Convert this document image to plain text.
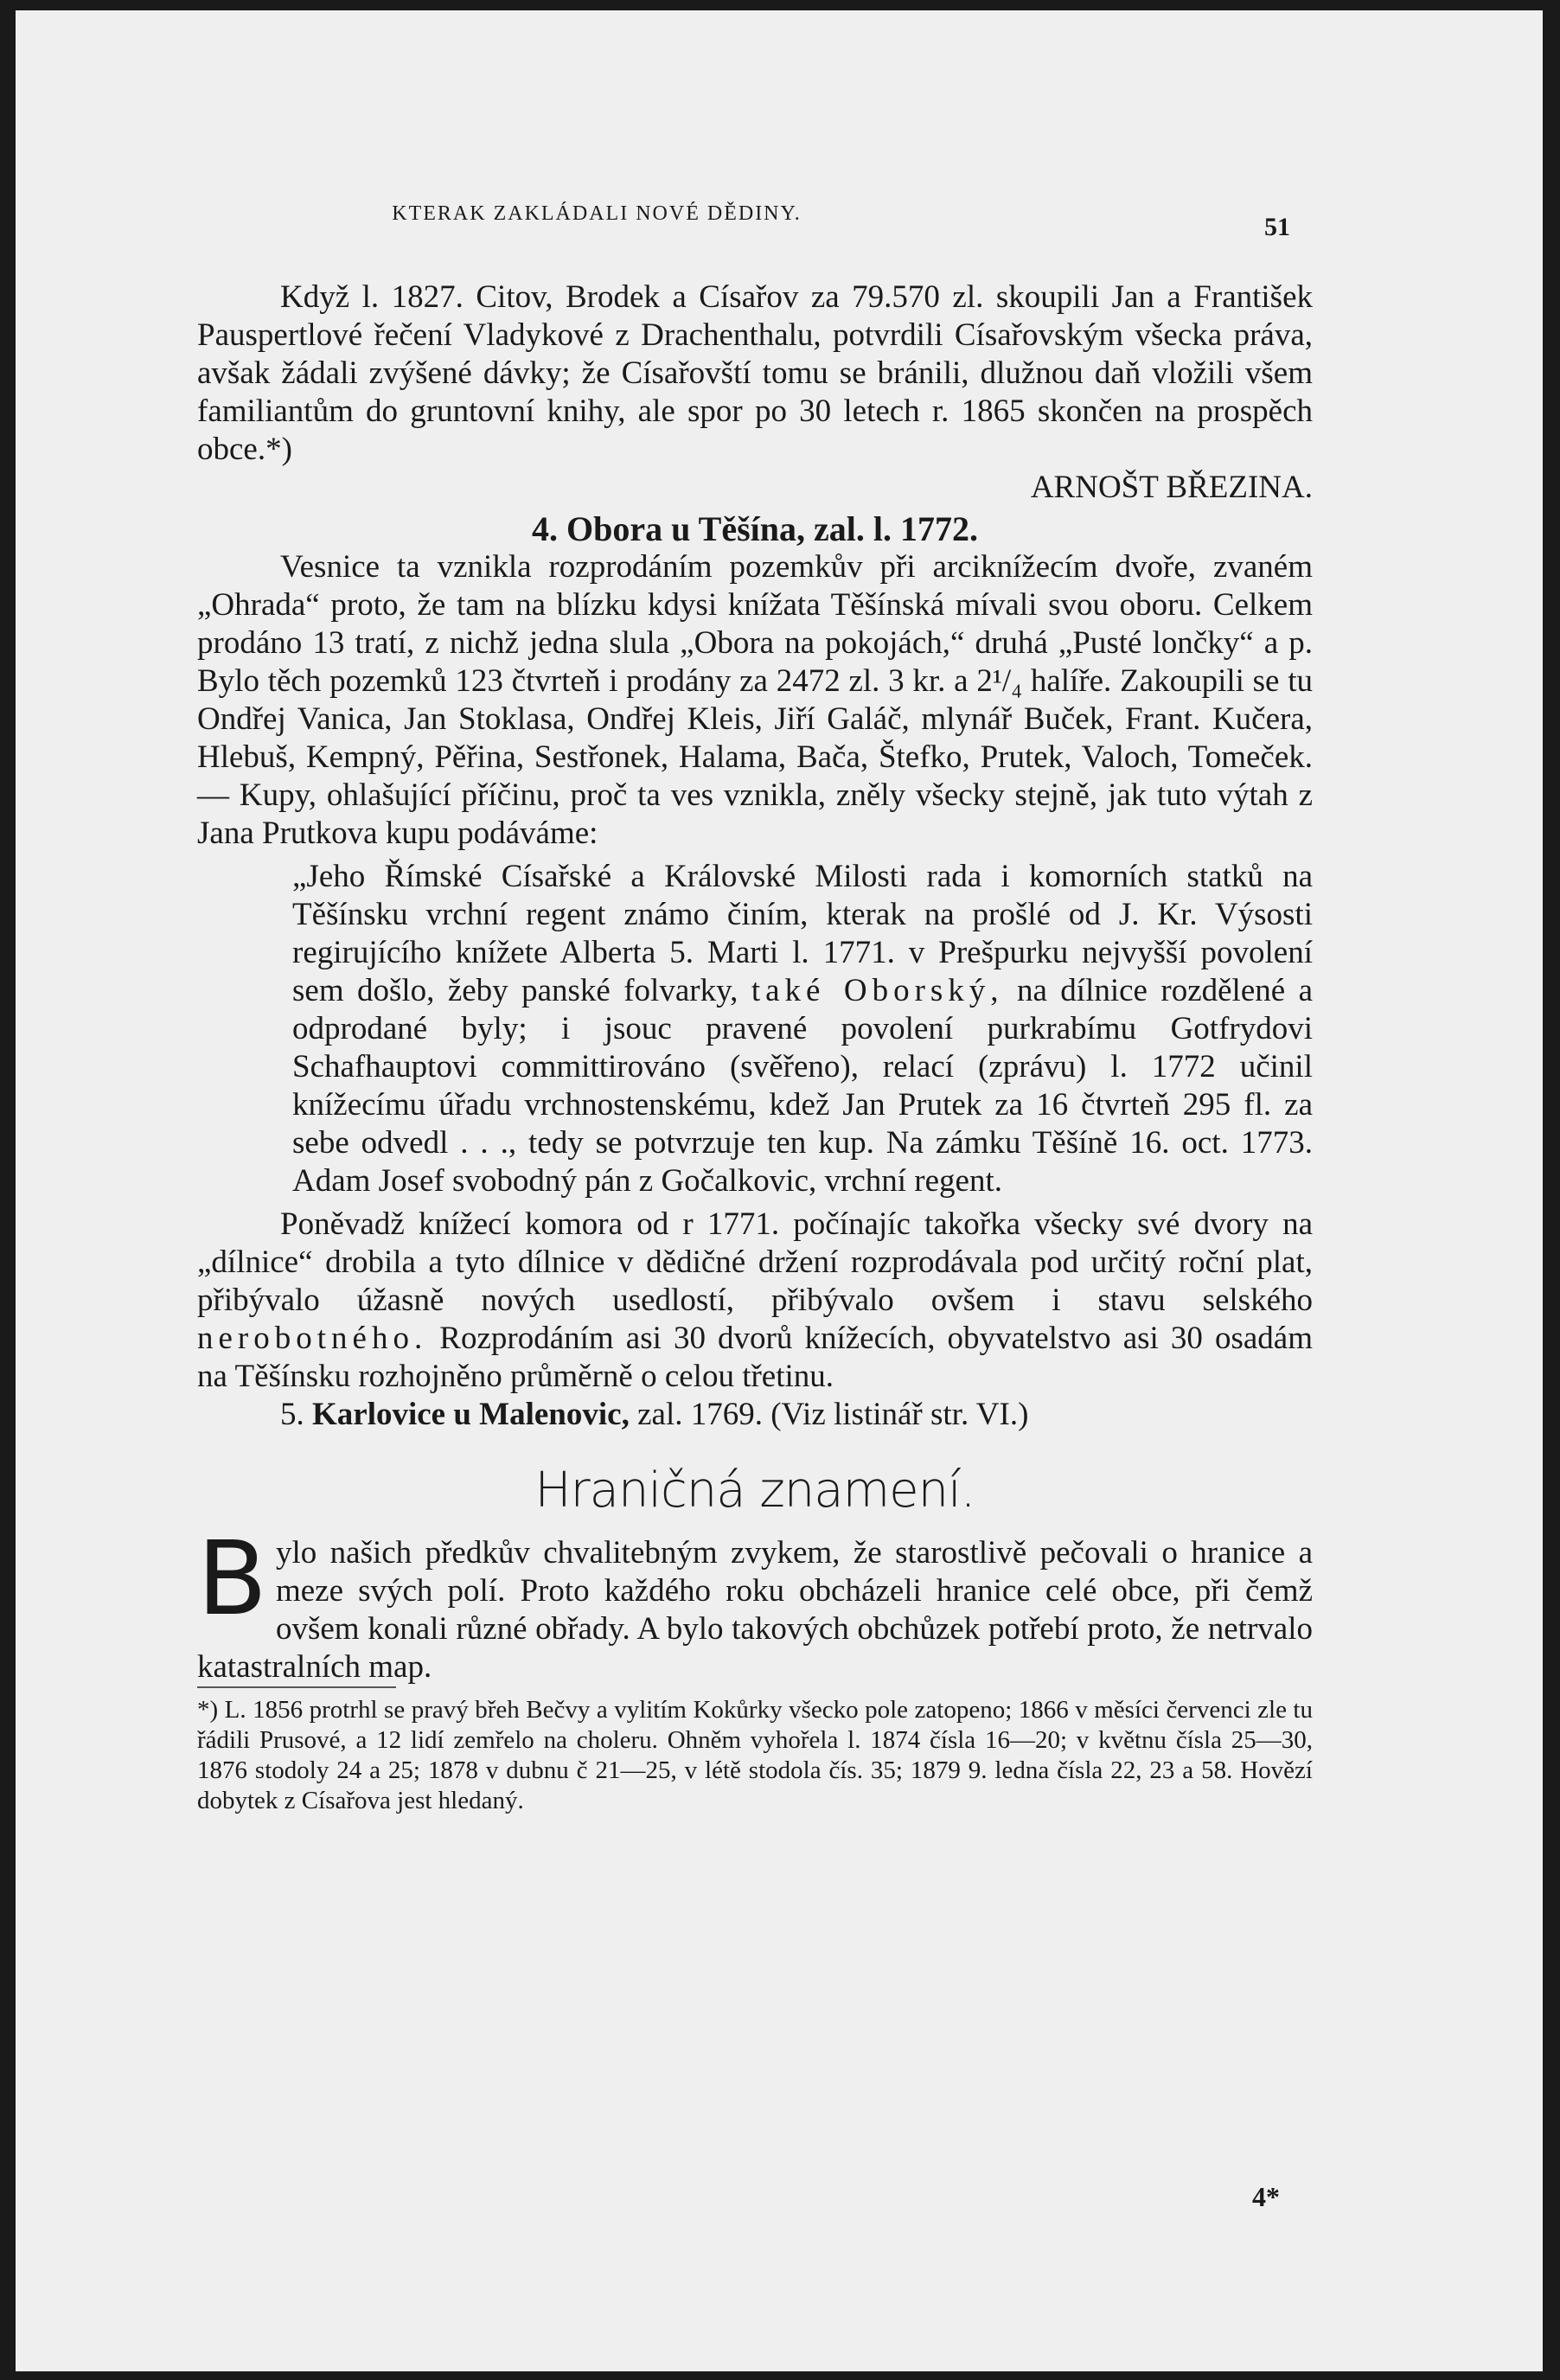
KTERAK ZAKLÁDALI NOVÉ DĚDINY.	51

Když l. 1827. Citov, Brodek a Císařov za 79.570 zl. skoupili Jan a František Pauspertlové řečení Vladykové z Drachenthalu, potvrdili Císařovským všecka práva, avšak žádali zvýšené dávky; že Císařovští tomu se bránili, dlužnou daň vložili všem familiantům do gruntovní knihy, ale spor po 30 letech r. 1865 skončen na prospěch obce.*)

ARNOŠT BŘEZINA.

4. Obora u Těšína, zal. l. 1772.

Vesnice ta vznikla rozprodáním pozemkův při arciknížecím dvoře, zvaném „Ohrada“ proto, že tam na blízku kdysi knížata Těšínská mívali svou oboru. Celkem prodáno 13 tratí, z nichž jedna slula „Obora na pokojách,“ druhá „Pusté lončky“ a p. Bylo těch pozemků 123 čtvrteň i prodány za 2472 zl. 3 kr. a 2¹/₄ halíře. Zakoupili se tu Ondřej Vanica, Jan Stoklasa, Ondřej Kleis, Jiří Galáč, mlynář Buček, Frant. Kučera, Hlebuš, Kempný, Pěřina, Sestřonek, Halama, Bača, Štefko, Prutek, Valoch, Tomeček. — Kupy, ohlašující příčinu, proč ta ves vznikla, zněly všecky stejně, jak tuto výtah z Jana Prutkova kupu podáváme:

„Jeho Římské Císařské a Královské Milosti rada i komorních statků na Těšínsku vrchní regent známo činím, kterak na prošlé od J. Kr. Výsosti regirujícího knížete Alberta 5. Marti l. 1771. v Prešpurku nejvyšší povolení sem došlo, žeby panské folvarky, také Oborský, na dílnice rozdělené a odprodané byly; i jsouc pravené povolení purkrabímu Gotfrydovi Schafhauptovi committirováno (svěřeno), relací (zprávu) l. 1772 učinil knížecímu úřadu vrchnostenskému, kdež Jan Prutek za 16 čtvrteň 295 fl. za sebe odvedl . . ., tedy se potvrzuje ten kup. Na zámku Těšíně 16. oct. 1773. Adam Josef svobodný pán z Gočalkovic, vrchní regent.

Poněvadž knížecí komora od r 1771. počínajíc takořka všecky své dvory na „dílnice“ drobila a tyto dílnice v dědičné držení rozprodávala pod určitý roční plat, přibývalo úžasně nových usedlostí, přibývalo ovšem i stavu selského nerobotného. Rozprodáním asi 30 dvorů knížecích, obyvatelstvo asi 30 osadám na Těšínsku rozhojněno průměrně o celou třetinu.

5. Karlovice u Malenovic, zal. 1769. (Viz listinář str. VI.)

Hraničná znamení.

Bylo našich předkův chvalitebným zvykem, že starostlivě pečovali o hranice a meze svých polí. Proto každého roku obcházeli hranice celé obce, při čemž ovšem konali různé obřady. A bylo takových obchůzek potřebí proto, že netrvalo katastralních map.

*) L. 1856 protrhl se pravý břeh Bečvy a vylitím Kokůrky všecko pole zatopeno; 1866 v měsíci červenci zle tu řádili Prusové, a 12 lidí zemřelo na choleru. Ohněm vyhořela l. 1874 čísla 16—20; v květnu čísla 25—30, 1876 stodoly 24 a 25; 1878 v dubnu č 21—25, v létě stodola čís. 35; 1879 9. ledna čísla 22, 23 a 58. Hovězí dobytek z Císařova jest hledaný.

4*
